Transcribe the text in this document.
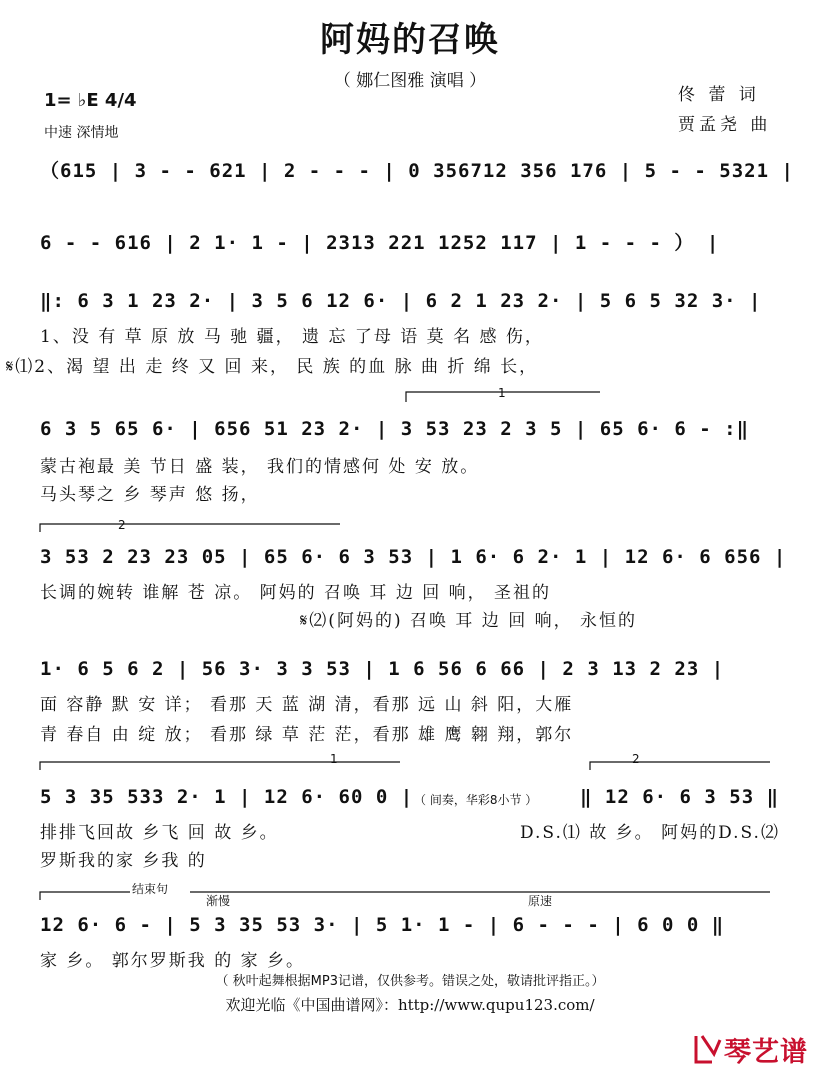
阿妈的召唤
（ 娜仁图雅 演唱 ）
1= ♭E 4/4
中速 深情地
佟 蕾 词
贾孟尧 曲
（615 | 3 - - 621 | 2 - - - | 0 356712 356 176 | 5 - - 5321 |
6 - - 616 | 2 1· 1 - | 2313 221 1252 117 | 1 - - - ） |
‖: 6 3 1 23 2· | 3 5 6 12 6· | 6 2 1 23 2· | 5 6 5 32 3· |
1、没 有 草 原 放 马 驰 疆， 遗 忘 了母 语 莫 名 感 伤，
𝄋⑴2、渴 望 出 走 终 又 回 来， 民 族 的血 脉 曲 折 绵 长，
1
6 3 5 65 6· | 656 51 23 2· | 3 53 23 2 3 5 | 65 6· 6 - :‖
蒙古袍最 美 节日 盛 装， 我们的情感何 处 安 放。
马头琴之 乡 琴声 悠 扬，
2
3 53 2 23 23 05 | 65 6· 6 3 53 | 1 6· 6 2· 1 | 12 6· 6 656 |
长调的婉转 谁解 苍 凉。 阿妈的 召唤 耳 边 回 响， 圣祖的
𝄋⑵(阿妈的) 召唤 耳 边 回 响， 永恒的
1· 6 5 6 2 | 56 3· 3 3 53 | 1 6 56 6 66 | 2 3 13 2 23 |
面 容静 默 安 详； 看那 天 蓝 湖 清，看那 远 山 斜 阳，大雁
青 春自 由 绽 放； 看那 绿 草 茫 茫，看那 雄 鹰 翱 翔，郭尔
1	2
5 3 35 533 2· 1 | 12 6· 60 0 | （ 间奏，华彩8小节 ） ‖ 12 6· 6 3 53 ‖
排排飞回故 乡飞 回 故 乡。	D.S.⑴ 故 乡。 阿妈的D.S.⑵
罗斯我的家 乡我 的
结束句
渐慢	原速
12 6· 6 - | 5 3 35 53 3· | 5 1· 1 - | 6 - - - | 6 0 0 ‖
家 乡。 郭尔罗斯我 的 家 乡。
（ 秋叶起舞根据MP3记谱，仅供参考。错误之处，敬请批评指正。）
欢迎光临《中国曲谱网》：http://www.qupu123.com/
琴艺谱
